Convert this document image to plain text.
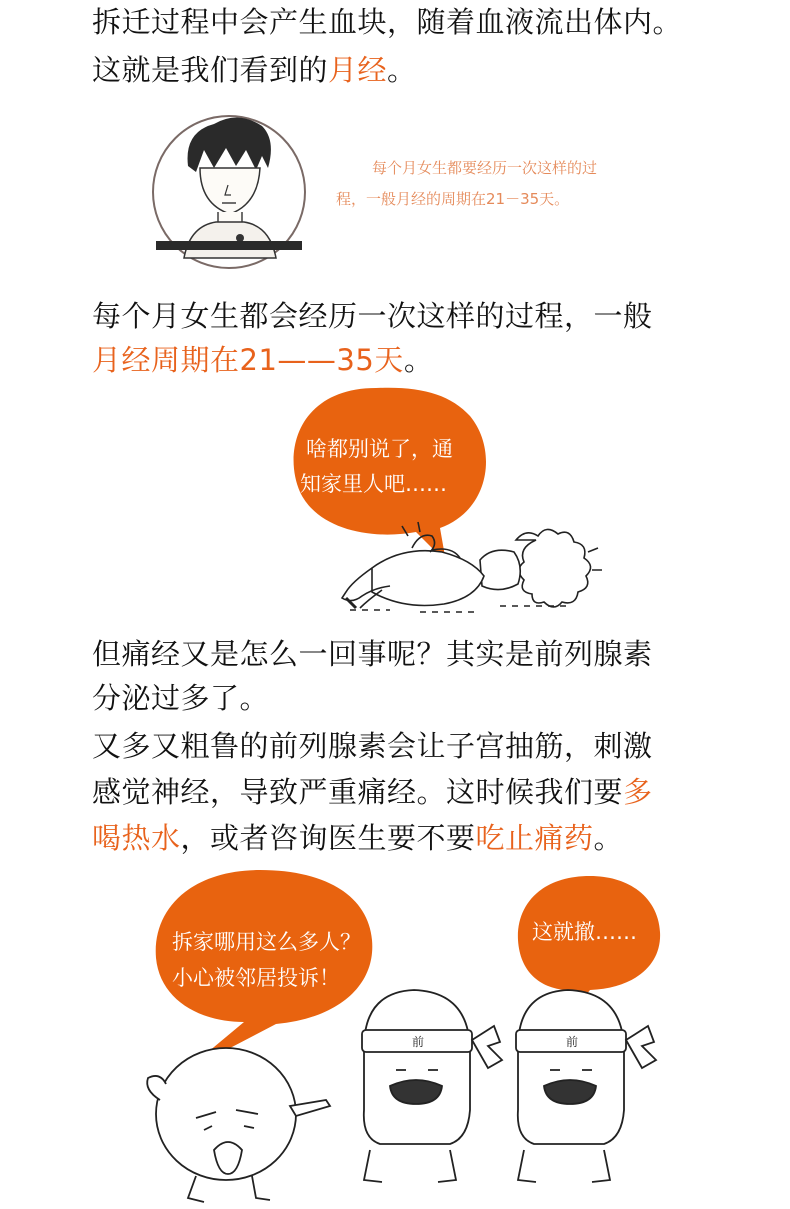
拆迁过程中会产生血块，随着血液流出体内。

这就是我们看到的月经。

每个月女生都要经历一次这样的过
程，一般月经的周期在21－35天。

每个月女生都会经历一次这样的过程，一般

月经周期在21——35天。

啥都别说了，通
知家里人吧……

但痛经又是怎么一回事呢？其实是前列腺素

分泌过多了。

又多又粗鲁的前列腺素会让子宫抽筋，刺激

感觉神经，导致严重痛经。这时候我们要多

喝热水，或者咨询医生要不要吃止痛药。

前	前
拆家哪用这么多人？
小心被邻居投诉！
这就撤……
